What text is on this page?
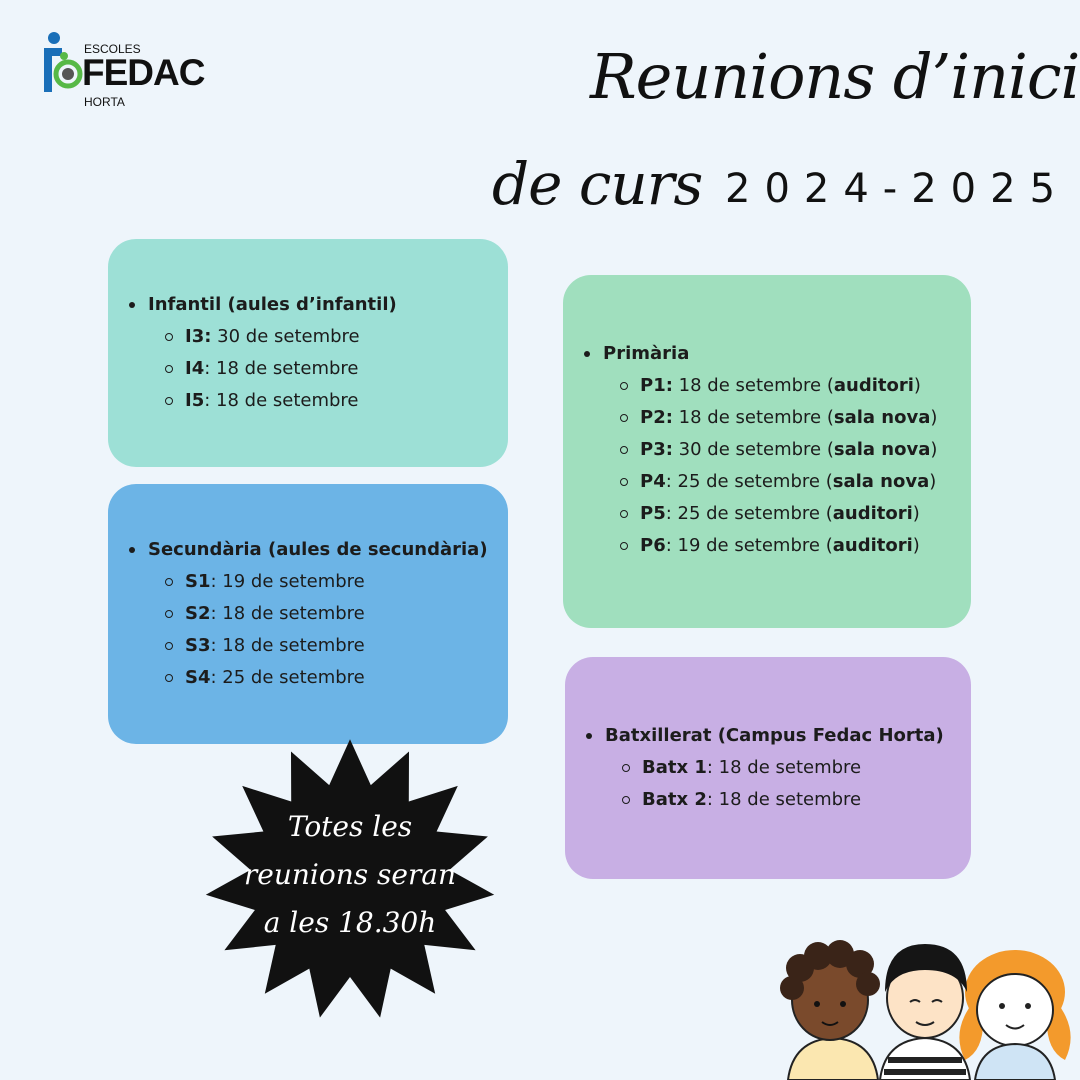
ESCOLES
FEDAC
HORTA	Reunions d’inici
de curs 2024-2025
Infantil (aules d’infantil)
I3: 30 de setembre
I4: 18 de setembre
I5: 18 de setembre
Secundària (aules de secundària)
S1: 19 de setembre
S2: 18 de setembre
S3: 18 de setembre
S4: 25 de setembre
Primària
P1: 18 de setembre (auditori)
P2: 18 de setembre (sala nova)
P3: 30 de setembre (sala nova)
P4: 25 de setembre (sala nova)
P5: 25 de setembre (auditori)
P6: 19 de setembre (auditori)
Batxillerat (Campus Fedac Horta)
Batx 1: 18 de setembre
Batx 2: 18 de setembre
Totes les
reunions seran
a les 18.30h
